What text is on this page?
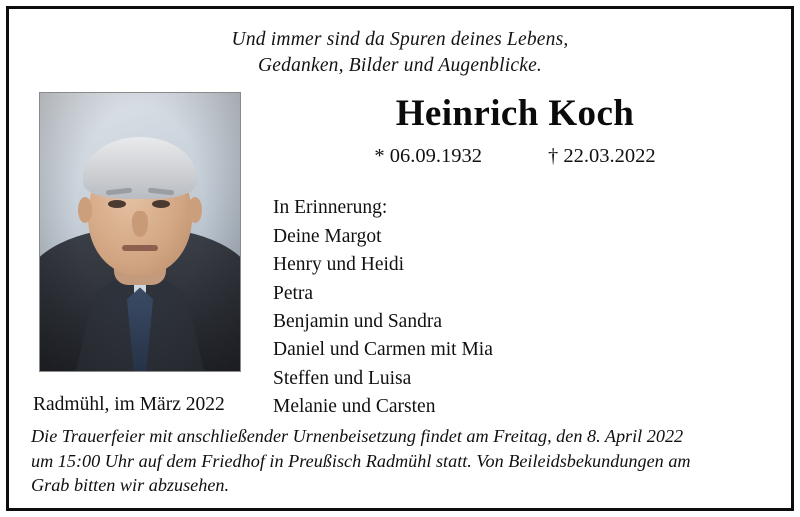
Und immer sind da Spuren deines Lebens,
Gedanken, Bilder und Augenblicke.
Heinrich Koch
* 06.09.1932	† 22.03.2022
In Erinnerung:
Deine Margot
Henry und Heidi
Petra
Benjamin und Sandra
Daniel und Carmen mit Mia
Steffen und Luisa
Melanie und Carsten
Radmühl, im März 2022
Die Trauerfeier mit anschließender Urnenbeisetzung findet am Freitag, den 8. April 2022
um 15:00 Uhr auf dem Friedhof in Preußisch Radmühl statt. Von Beileidsbekundungen am
Grab bitten wir abzusehen.
